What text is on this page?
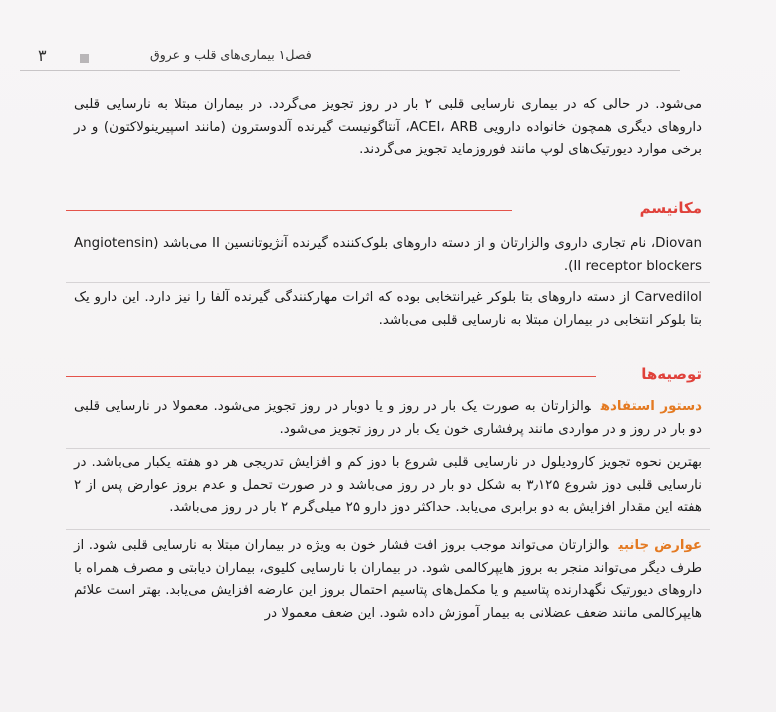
۳	فصل۱ بیماری‌های قلب و عروق

می‌شود. در حالی که در بیماری نارسایی قلبی ۲ بار در روز تجویز می‌گردد. در بیماران مبتلا به نارسایی قلبی داروهای دیگری همچون خانواده دارویی ACEI، ARB، آنتاگونیست گیرنده آلدوسترون (مانند اسپیرینولاکتون) و در برخی موارد دیورتیک‌های لوپ مانند فوروزماید تجویز می‌گردند.

مکانیسم

Diovan، نام تجاری داروی والزارتان و از دسته داروهای بلوک‌کننده گیرنده آنژیوتانسین II می‌باشد (Angiotensin II receptor blockers).

Carvedilol از دسته داروهای بتا بلوکر غیرانتخابی بوده که اثرات مهارکنندگی گیرنده آلفا را نیز دارد. این دارو یک بتا بلوکر انتخابی در بیماران مبتلا به نارسایی قلبی می‌باشد.

توصیه‌ها

دستور استفادهوالزارتان به صورت یک بار در روز و یا دوبار در روز تجویز می‌شود. معمولا در نارسایی قلبی دو بار در روز و در مواردی مانند پرفشاری خون یک بار در روز تجویز می‌شود.

بهترین نحوه تجویز کارودیلول در نارسایی قلبی شروع با دوز کم و افزایش تدریجی هر دو هفته یکبار می‌باشد. در نارسایی قلبی دوز شروع ۳٫۱۲۵ به شکل دو بار در روز می‌باشد و در صورت تحمل و عدم بروز عوارض پس از ۲ هفته این مقدار افزایش به دو برابری می‌یابد. حداکثر دوز دارو ۲۵ میلی‌گرم ۲ بار در روز می‌باشد.

عوارض جانبیوالزارتان می‌تواند موجب بروز افت فشار خون به ویژه در بیماران مبتلا به نارسایی قلبی شود. از طرف دیگر می‌تواند منجر به بروز هایپرکالمی شود. در بیماران با نارسایی کلیوی، بیماران دیابتی و مصرف همراه با داروهای دیورتیک نگهدارنده پتاسیم و یا مکمل‌های پتاسیم احتمال بروز این عارضه افزایش می‌یابد. بهتر است علائم هایپرکالمی مانند ضعف عضلانی به بیمار آموزش داده شود. این ضعف معمولا در
